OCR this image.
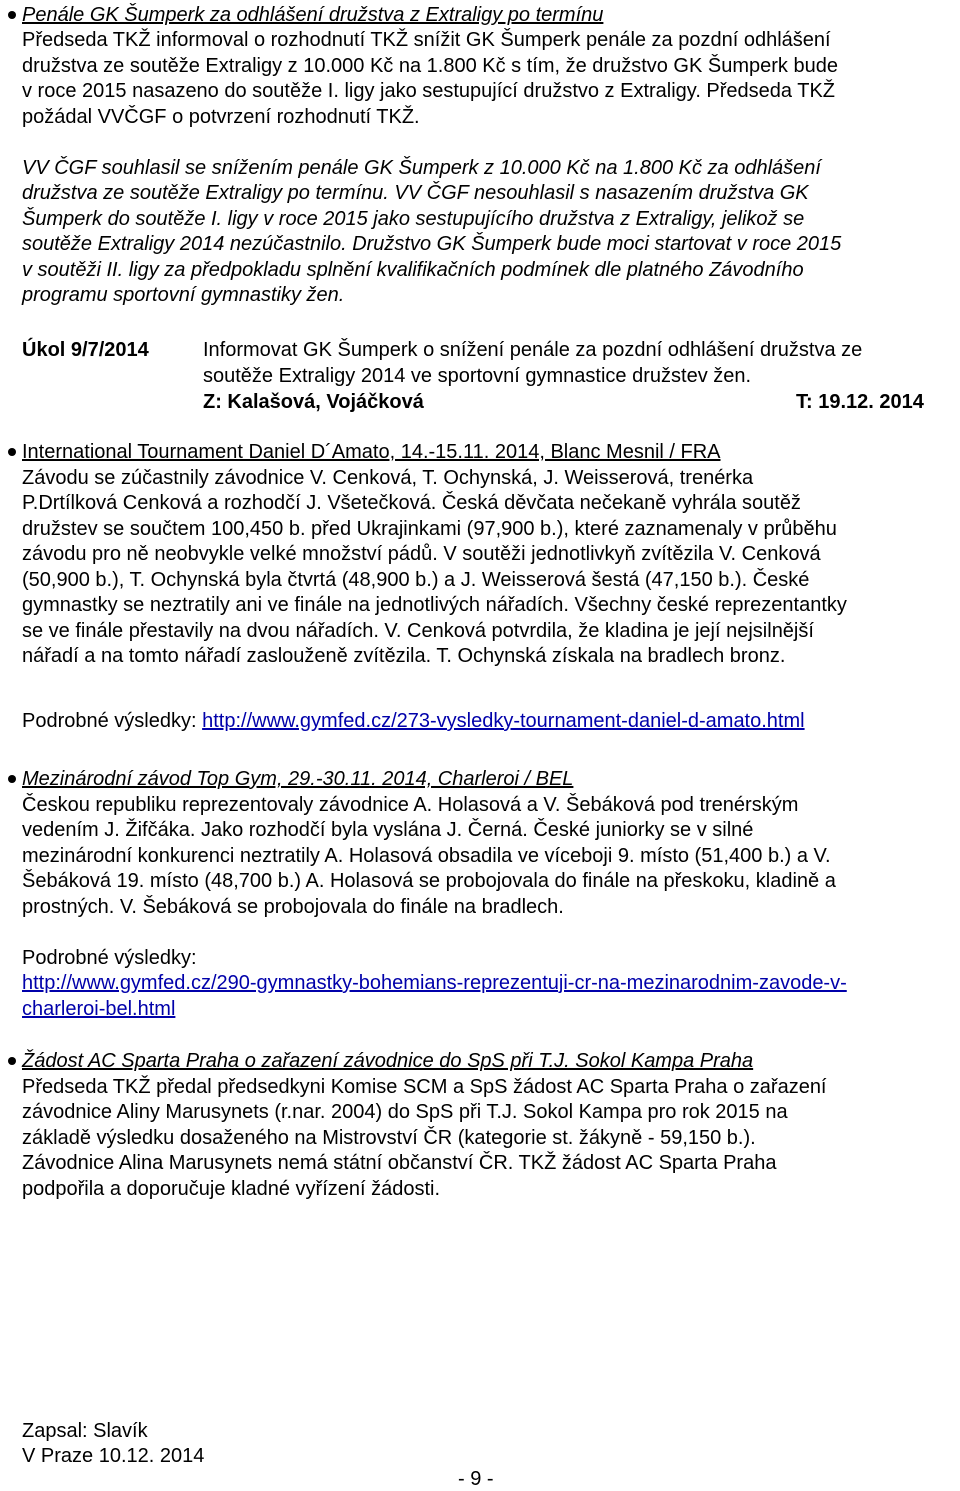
Penále GK Šumperk za odhlášení družstva z Extraligy po termínu
Předseda TKŽ informoval o rozhodnutí TKŽ snížit GK Šumperk penále za pozdní odhlášení
družstva ze soutěže Extraligy z 10.000 Kč na 1.800 Kč s tím, že družstvo GK Šumperk bude
v roce 2015 nasazeno do soutěže I. ligy jako sestupující družstvo z Extraligy. Předseda TKŽ
požádal VVČGF o potvrzení rozhodnutí TKŽ.
VV ČGF souhlasil se snížením penále GK Šumperk z 10.000 Kč na 1.800 Kč za odhlášení
družstva ze soutěže Extraligy po termínu. VV ČGF nesouhlasil s nasazením družstva GK
Šumperk do soutěže I. ligy v roce 2015 jako sestupujícího družstva z Extraligy, jelikož se
soutěže Extraligy 2014 nezúčastnilo. Družstvo GK Šumperk bude moci startovat v roce 2015
v soutěži II. ligy za předpokladu splnění kvalifikačních podmínek dle platného Závodního
programu sportovní gymnastiky žen.
Úkol 9/7/2014	Informovat GK Šumperk o snížení penále za pozdní odhlášení družstva ze
soutěže Extraligy 2014 ve sportovní gymnastice družstev žen.
Z: Kalašová, Vojáčková	T: 19.12. 2014
International Tournament Daniel D´Amato, 14.-15.11. 2014, Blanc Mesnil / FRA
Závodu se zúčastnily závodnice V. Cenková, T. Ochynská, J. Weisserová, trenérka
P.Drtílková Cenková a rozhodčí J. Všetečková. Česká děvčata nečekaně vyhrála soutěž
družstev se součtem 100,450 b. před Ukrajinkami (97,900 b.), které zaznamenaly v průběhu
závodu pro ně neobvykle velké množství pádů. V soutěži jednotlivkyň zvítězila V. Cenková
(50,900 b.), T. Ochynská byla čtvrtá (48,900 b.) a J. Weisserová šestá (47,150 b.). České
gymnastky se neztratily ani ve finále na jednotlivých nářadích. Všechny české reprezentantky
se ve finále přestavily na dvou nářadích. V. Cenková potvrdila, že kladina je její nejsilnější
nářadí a na tomto nářadí zaslouženě zvítězila. T. Ochynská získala na bradlech bronz.
Podrobné výsledky: http://www.gymfed.cz/273-vysledky-tournament-daniel-d-amato.html
Mezinárodní závod Top Gym, 29.-30.11. 2014, Charleroi / BEL
Českou republiku reprezentovaly závodnice A. Holasová a V. Šebáková pod trenérským
vedením J. Žifčáka. Jako rozhodčí byla vyslána J. Černá. České juniorky se v silné
mezinárodní konkurenci neztratily A. Holasová obsadila ve víceboji 9. místo (51,400 b.) a V.
Šebáková 19. místo (48,700 b.) A. Holasová se probojovala do finále na přeskoku, kladině a
prostných. V. Šebáková se probojovala do finále na bradlech.
Podrobné výsledky:
http://www.gymfed.cz/290-gymnastky-bohemians-reprezentuji-cr-na-mezinarodnim-zavode-v-
charleroi-bel.html
Žádost AC Sparta Praha o zařazení závodnice do SpS při T.J. Sokol Kampa Praha
Předseda TKŽ předal předsedkyni Komise SCM a SpS žádost AC Sparta Praha o zařazení
závodnice Aliny Marusynets (r.nar. 2004) do SpS při T.J. Sokol Kampa pro rok 2015 na
základě výsledku dosaženého na Mistrovství ČR (kategorie st. žákyně - 59,150 b.).
Závodnice Alina Marusynets nemá státní občanství ČR. TKŽ žádost AC Sparta Praha
podpořila a doporučuje kladné vyřízení žádosti.
Zapsal: Slavík
V Praze 10.12. 2014
- 9 -
